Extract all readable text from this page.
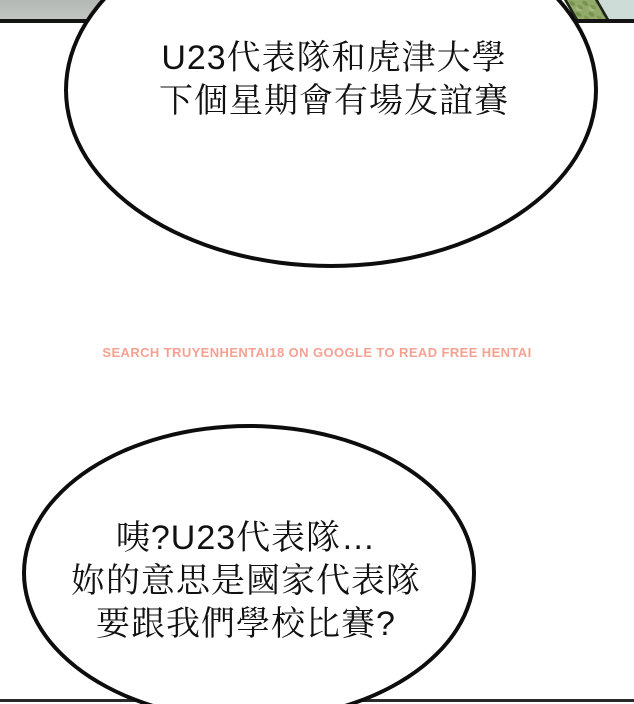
U23代表隊和虎津大學
下個星期會有場友誼賽
SEARCH TRUYENHENTAI18 ON GOOGLE TO READ FREE HENTAI
咦?U23代表隊…
妳的意思是國家代表隊
要跟我們學校比賽?
